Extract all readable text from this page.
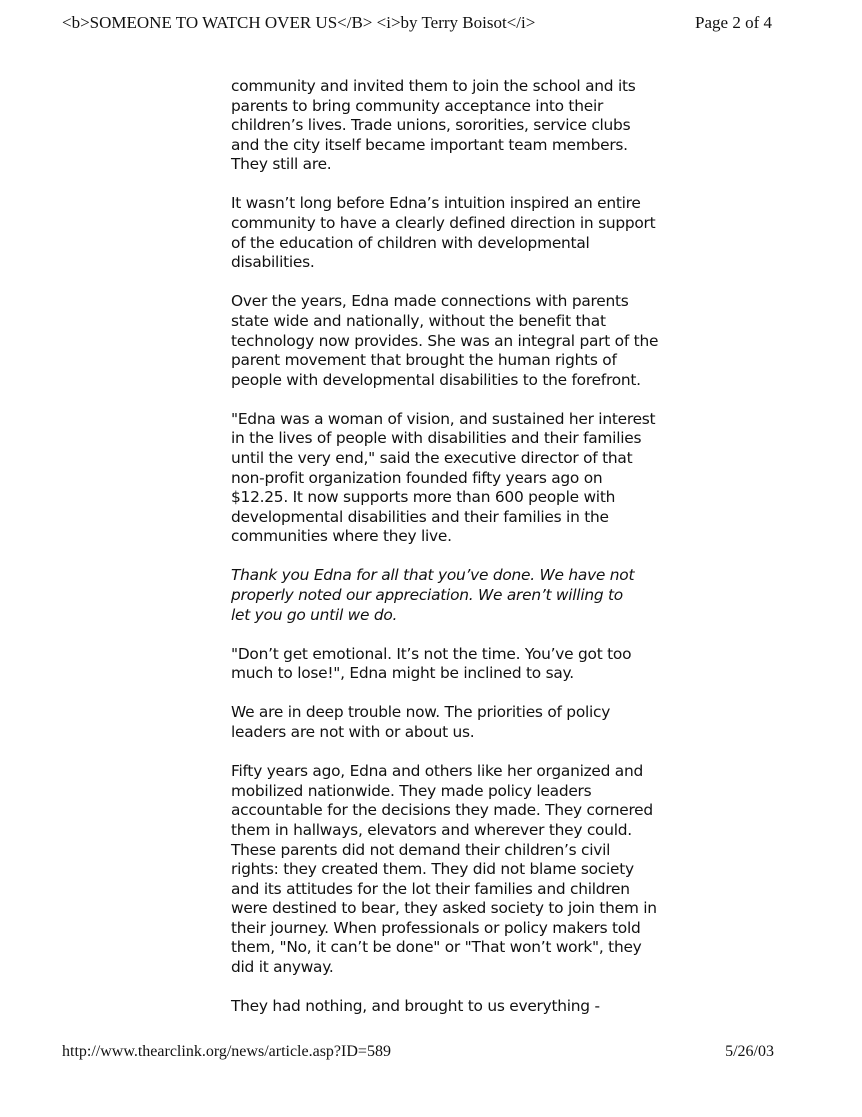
<b>SOMEONE TO WATCH OVER US</B> <i>by Terry Boisot</i>	Page 2 of 4
community and invited them to join the school and its
parents to bring community acceptance into their
children’s lives. Trade unions, sororities, service clubs
and the city itself became important team members.
They still are.
It wasn’t long before Edna’s intuition inspired an entire
community to have a clearly defined direction in support
of the education of children with developmental
disabilities.
Over the years, Edna made connections with parents
state wide and nationally, without the benefit that
technology now provides. She was an integral part of the
parent movement that brought the human rights of
people with developmental disabilities to the forefront.
"Edna was a woman of vision, and sustained her interest
in the lives of people with disabilities and their families
until the very end," said the executive director of that
non-profit organization founded fifty years ago on
$12.25. It now supports more than 600 people with
developmental disabilities and their families in the
communities where they live.
Thank you Edna for all that you’ve done. We have not
properly noted our appreciation. We aren’t willing to
let you go until we do.
"Don’t get emotional. It’s not the time. You’ve got too
much to lose!", Edna might be inclined to say.
We are in deep trouble now. The priorities of policy
leaders are not with or about us.
Fifty years ago, Edna and others like her organized and
mobilized nationwide. They made policy leaders
accountable for the decisions they made. They cornered
them in hallways, elevators and wherever they could.
These parents did not demand their children’s civil
rights: they created them. They did not blame society
and its attitudes for the lot their families and children
were destined to bear, they asked society to join them in
their journey. When professionals or policy makers told
them, "No, it can’t be done" or "That won’t work", they
did it anyway.
They had nothing, and brought to us everything -
http://www.thearclink.org/news/article.asp?ID=589	5/26/03
